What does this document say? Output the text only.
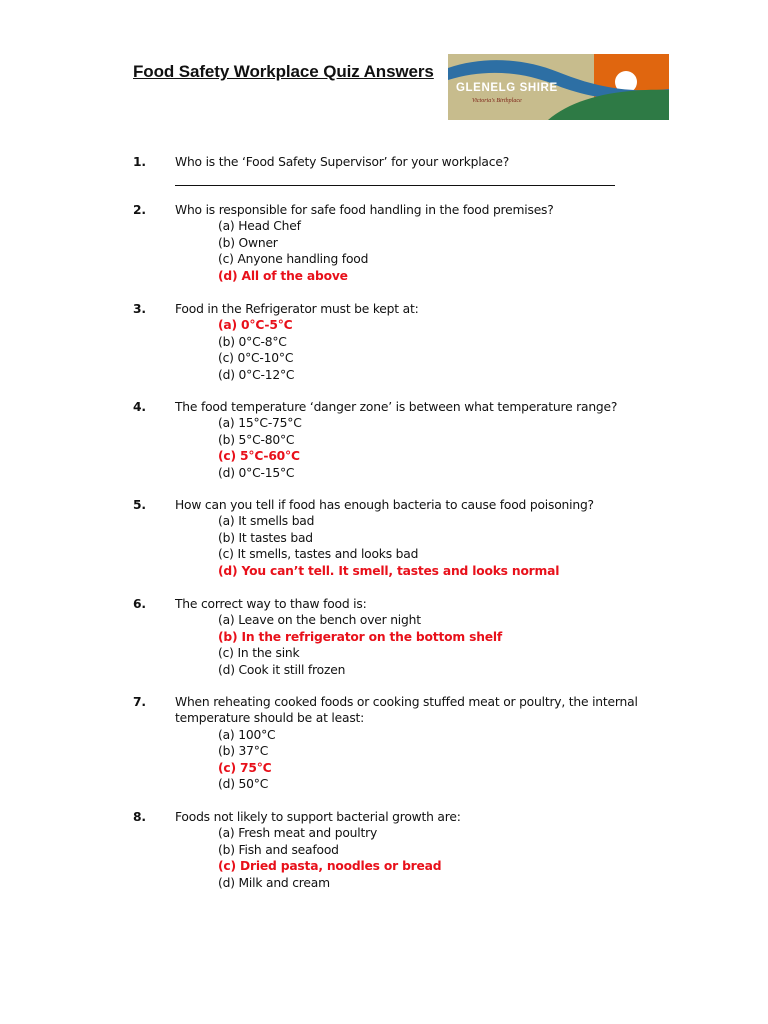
Food Safety Workplace Quiz Answers
GLENELG SHIRE
Victoria's Birthplace
1. Who is the ‘Food Safety Supervisor’ for your workplace?

2. Who is responsible for safe food handling in the food premises?

(a) Head Chef
(b) Owner
(c) Anyone handling food
(d) All of the above
3. Food in the Refrigerator must be kept at:

(a) 0°C-5°C
(b) 0°C-8°C
(c) 0°C-10°C
(d) 0°C-12°C
4. The food temperature ‘danger zone’ is between what temperature range?

(a) 15°C-75°C
(b) 5°C-80°C
(c) 5°C-60°C
(d) 0°C-15°C
5. How can you tell if food has enough bacteria to cause food poisoning?

(a) It smells bad
(b) It tastes bad
(c) It smells, tastes and looks bad
(d) You can’t tell. It smell, tastes and looks normal
6. The correct way to thaw food is:

(a) Leave on the bench over night
(b) In the refrigerator on the bottom shelf
(c) In the sink
(d) Cook it still frozen
7. When reheating cooked foods or cooking stuffed meat or poultry, the internal temperature should be at least:

(a) 100°C
(b) 37°C
(c) 75°C
(d) 50°C
8. Foods not likely to support bacterial growth are:

(a) Fresh meat and poultry
(b) Fish and seafood
(c) Dried pasta, noodles or bread
(d) Milk and cream
